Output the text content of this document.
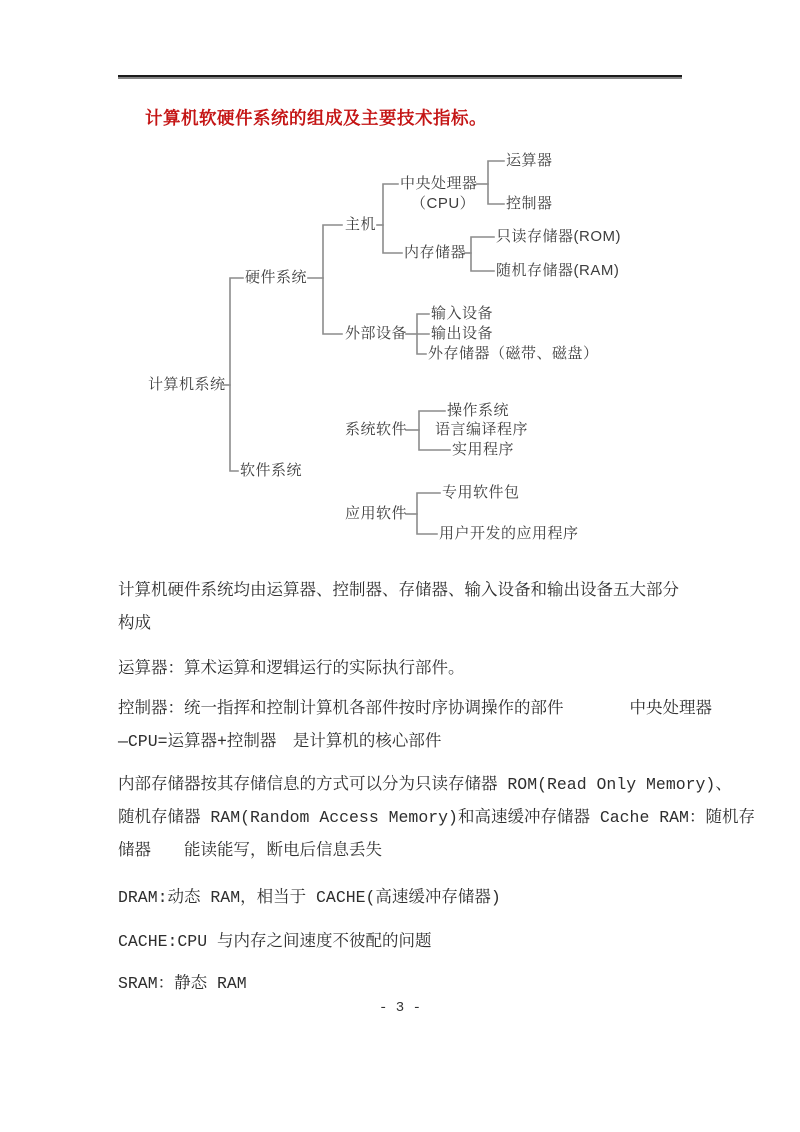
计算机软硬件系统的组成及主要技术指标。
计算机系统
硬件系统
软件系统
主机
中央处理器
（CPU）
运算器
控制器
内存储器
只读存储器(ROM)
随机存储器(RAM)
外部设备
输入设备
输出设备
外存储器（磁带、磁盘）
系统软件
操作系统
语言编译程序
实用程序
应用软件
专用软件包
用户开发的应用程序
计算机硬件系统均由运算器、控制器、存储器、输入设备和输出设备五大部分
构成
运算器：算术运算和逻辑运行的实际执行部件。
控制器：统一指挥和控制计算机各部件按时序协调操作的部件　　　　中央处理器
—CPU=运算器+控制器　是计算机的核心部件
内部存储器按其存储信息的方式可以分为只读存储器 ROM(Read Only Memory)、
随机存储器 RAM(Random Access Memory)和高速缓冲存储器 Cache RAM：随机存
储器　　能读能写，断电后信息丢失
DRAM:动态 RAM，相当于 CACHE(高速缓冲存储器)
CACHE:CPU 与内存之间速度不彼配的问题
SRAM：静态 RAM
- 3 -
